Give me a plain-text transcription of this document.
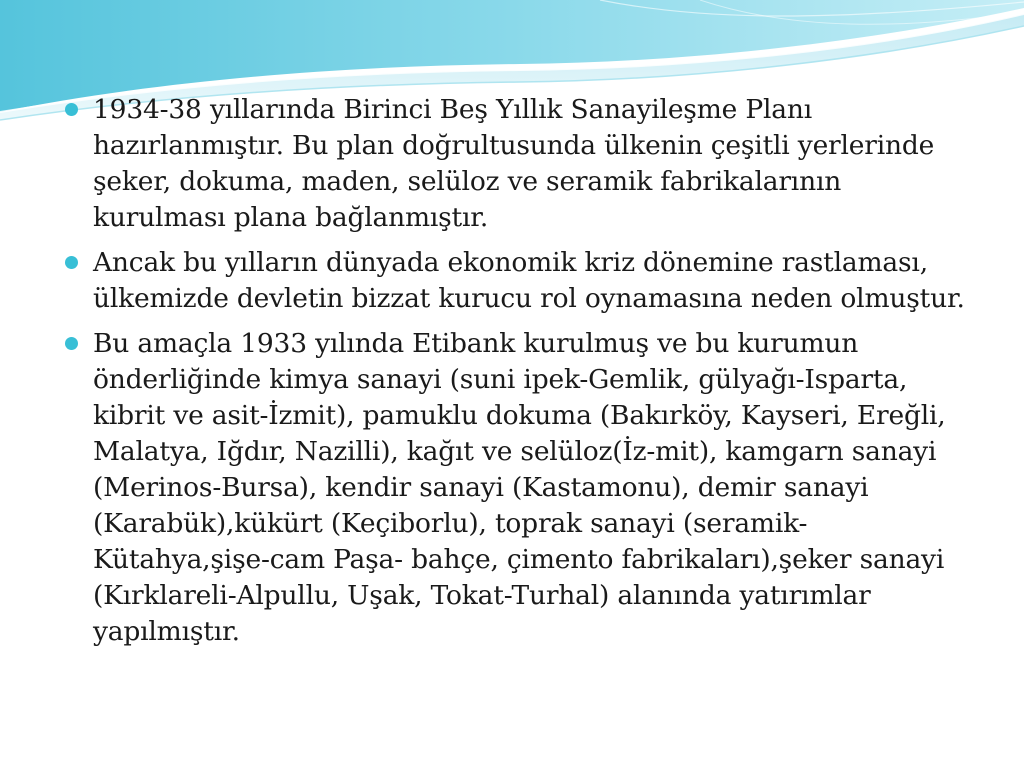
1934-38 yıllarında Birinci Beş Yıllık Sanayileşme Planı hazırlanmıştır. Bu plan doğrultusunda ülkenin çeşitli yerlerinde şeker, dokuma, maden, selüloz ve seramik fabrikalarının kurulması plana bağlanmıştır.
Ancak bu yılların dünyada ekonomik kriz dönemine rastlaması, ülkemizde devletin bizzat kurucu rol oynamasına neden olmuştur.
Bu amaçla 1933 yılında Etibank kurulmuş ve bu kurumun önderliğinde kimya sanayi (suni ipek-Gemlik, gülyağı-Isparta, kibrit ve asit-İzmit), pamuklu dokuma (Bakırköy, Kayseri, Ereğli, Malatya, Iğdır, Nazilli), kağıt ve selüloz(İz-mit), kamgarn sanayi (Merinos-Bursa), kendir sanayi (Kastamonu), demir sanayi (Karabük),kükürt (Keçiborlu), toprak sanayi (seramik-Kütahya,şişe-cam Paşa- bahçe, çimento fabrikaları),şeker sanayi (Kırklareli-Alpullu, Uşak, Tokat-Turhal) alanında yatırımlar yapılmıştır.
